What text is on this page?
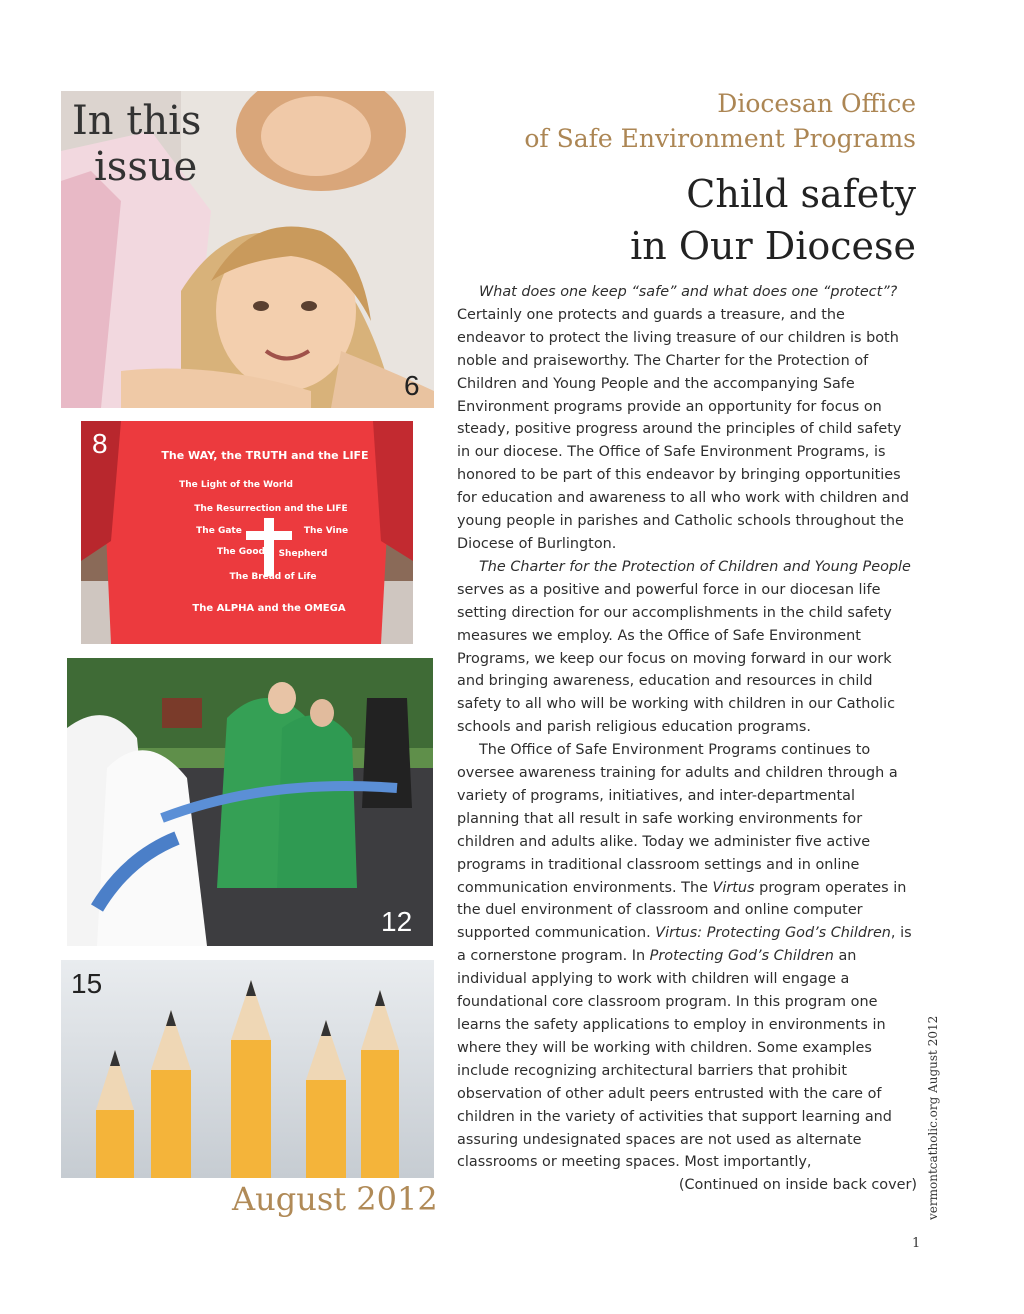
In this
issue
6
The WAY, the TRUTH and the LIFE
The Light of the World
The Resurrection and the LIFE
The Gate	The Vine
The Good Shepherd
The Bread of Life
The ALPHA and the OMEGA
8
12
15
August 2012
Diocesan Office
of Safe Environment Programs
Child safety
in Our Diocese

What does one keep “safe” and what does one “protect”? Certainly one protects and guards a treasure, and the endeavor to protect the living treasure of our children is both noble and praiseworthy. The Charter for the Protection of Children and Young People and the accompanying Safe Environment programs provide an opportunity for focus on steady, positive progress around the principles of child safety in our diocese. The Office of Safe Environment Programs, is honored to be part of this endeavor by bringing opportunities for education and awareness to all who work with children and young people in parishes and Catholic schools throughout the Diocese of Burlington.

The Charter for the Protection of Children and Young People serves as a positive and powerful force in our diocesan life setting direction for our accomplishments in the child safety measures we employ. As the Office of Safe Environment Programs, we keep our focus on moving forward in our work and bringing awareness, education and resources in child safety to all who will be working with children in our Catholic schools and parish religious education programs.

The Office of Safe Environment Programs continues to oversee awareness training for adults and children through a variety of programs, initiatives, and inter-departmental planning that all result in safe working environments for children and adults alike. Today we administer five active programs in traditional classroom settings and in online communication environments. The Virtus program operates in the duel environment of classroom and online computer supported communication. Virtus: Protecting God’s Children, is a cornerstone program. In Protecting God’s Children an individual applying to work with children will engage a foundational core classroom program. In this program one learns the safety applications to employ in environments in where they will be working with children. Some examples include recognizing architectural barriers that prohibit observation of other adult peers entrusted with the care of children in the variety of activities that support learning and assuring undesignated spaces are not used as alternate classrooms or meeting spaces. Most importantly,

(Continued on inside back cover) vermontcatholic.org August 2012
1
